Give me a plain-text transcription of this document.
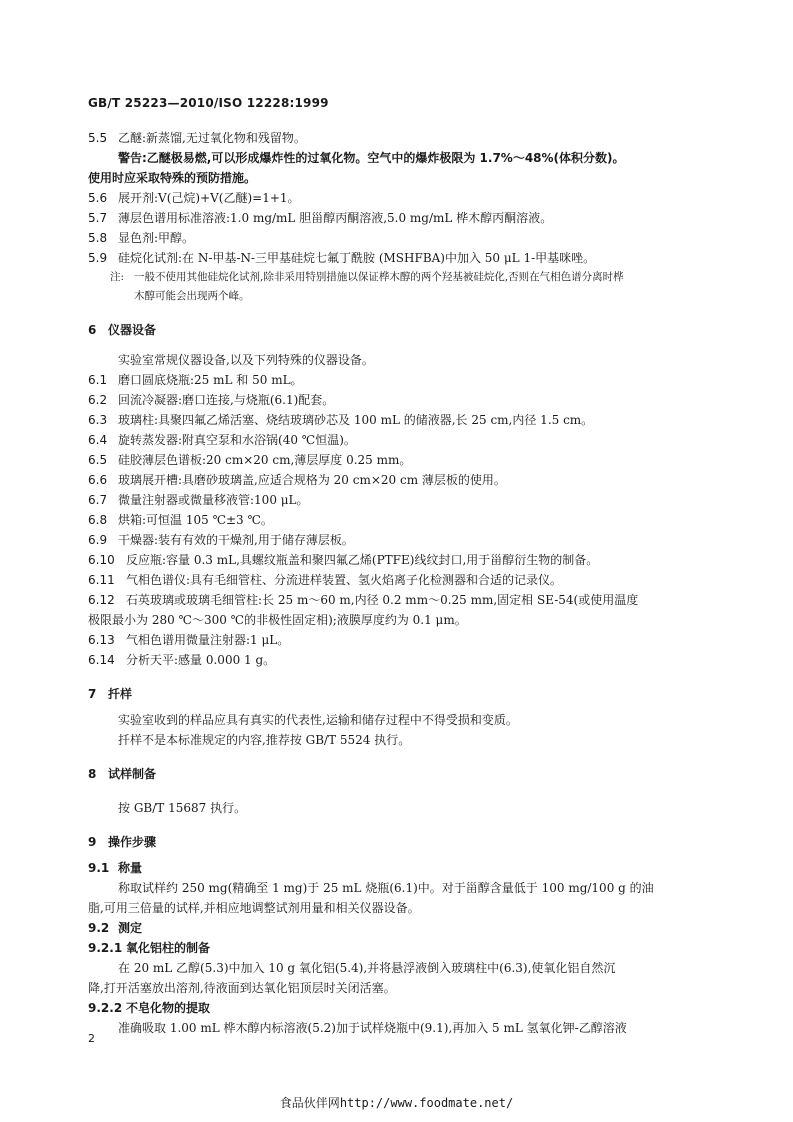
GB/T 25223—2010/ISO 12228:1999
5.5 乙醚:新蒸馏,无过氧化物和残留物。
警告:乙醚极易燃,可以形成爆炸性的过氧化物。空气中的爆炸极限为 1.7%～48%(体积分数)。
使用时应采取特殊的预防措施。
5.6 展开剂:V(己烷)+V(乙醚)=1+1。
5.7 薄层色谱用标准溶液:1.0 mg/mL 胆甾醇丙酮溶液,5.0 mg/mL 桦木醇丙酮溶液。
5.8 显色剂:甲醇。
5.9 硅烷化试剂:在 N-甲基-N-三甲基硅烷七氟丁酰胺 (MSHFBA)中加入 50 μL 1-甲基咪唑。
注: 一般不使用其他硅烷化试剂,除非采用特别措施以保证桦木醇的两个羟基被硅烷化,否则在气相色谱分离时桦
木醇可能会出现两个峰。
6 仪器设备
实验室常规仪器设备,以及下列特殊的仪器设备。
6.1 磨口圆底烧瓶:25 mL 和 50 mL。
6.2 回流冷凝器:磨口连接,与烧瓶(6.1)配套。
6.3 玻璃柱:具聚四氟乙烯活塞、烧结玻璃砂芯及 100 mL 的储液器,长 25 cm,内径 1.5 cm。
6.4 旋转蒸发器:附真空泵和水浴锅(40 ℃恒温)。
6.5 硅胶薄层色谱板:20 cm×20 cm,薄层厚度 0.25 mm。
6.6 玻璃展开槽:具磨砂玻璃盖,应适合规格为 20 cm×20 cm 薄层板的使用。
6.7 微量注射器或微量移液管:100 μL。
6.8 烘箱:可恒温 105 ℃±3 ℃。
6.9 干燥器:装有有效的干燥剂,用于储存薄层板。
6.10 反应瓶:容量 0.3 mL,具螺纹瓶盖和聚四氟乙烯(PTFE)线纹封口,用于甾醇衍生物的制备。
6.11 气相色谱仪:具有毛细管柱、分流进样装置、氢火焰离子化检测器和合适的记录仪。
6.12 石英玻璃或玻璃毛细管柱:长 25 m～60 m,内径 0.2 mm～0.25 mm,固定相 SE-54(或使用温度
极限最小为 280 ℃～300 ℃的非极性固定相);液膜厚度约为 0.1 μm。
6.13 气相色谱用微量注射器:1 μL。
6.14 分析天平:感量 0.000 1 g。
7 扦样
实验室收到的样品应具有真实的代表性,运输和储存过程中不得受损和变质。
扦样不是本标准规定的内容,推荐按 GB/T 5524 执行。
8 试样制备
按 GB/T 15687 执行。
9 操作步骤
9.1 称量
称取试样约 250 mg(精确至 1 mg)于 25 mL 烧瓶(6.1)中。对于甾醇含量低于 100 mg/100 g 的油
脂,可用三倍量的试样,并相应地调整试剂用量和相关仪器设备。
9.2 测定
9.2.1 氧化铝柱的制备
在 20 mL 乙醇(5.3)中加入 10 g 氧化铝(5.4),并将悬浮液倒入玻璃柱中(6.3),使氧化铝自然沉
降,打开活塞放出溶剂,待液面到达氧化铝顶层时关闭活塞。
9.2.2 不皂化物的提取
准确吸取 1.00 mL 桦木醇内标溶液(5.2)加于试样烧瓶中(9.1),再加入 5 mL 氢氧化钾-乙醇溶液
2
食品伙伴网http://www.foodmate.net/
